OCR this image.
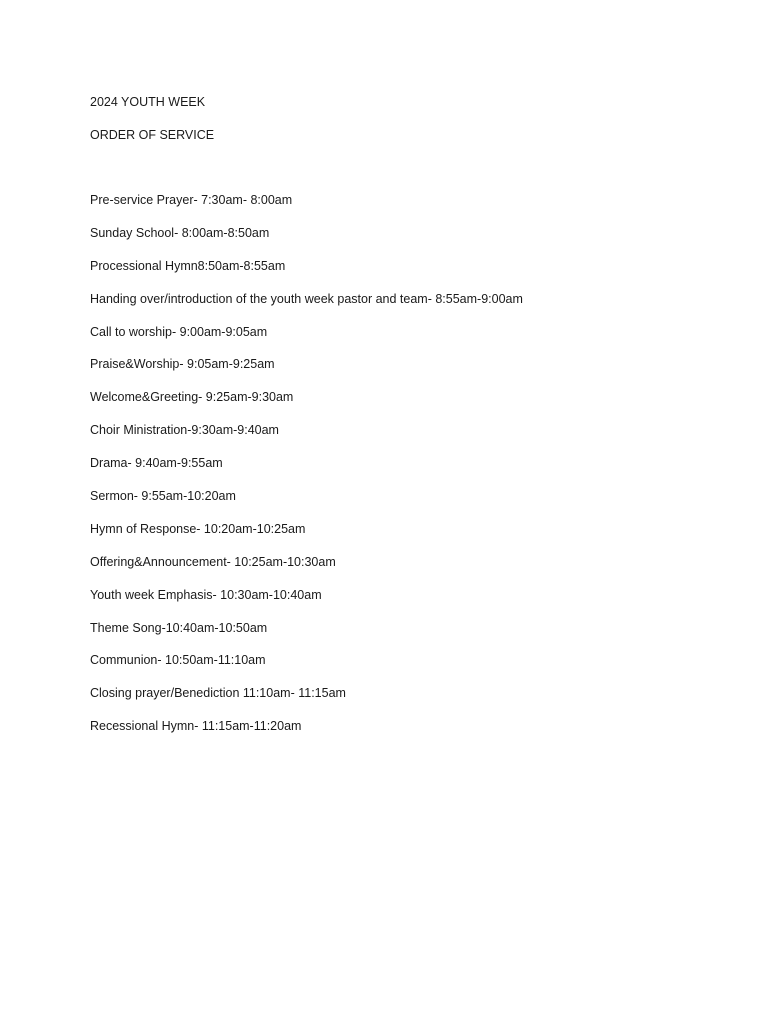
2024 YOUTH WEEK

ORDER OF SERVICE

Pre-service Prayer- 7:30am- 8:00am

Sunday School- 8:00am-8:50am

Processional Hymn8:50am-8:55am

Handing over/introduction of the youth week pastor and team- 8:55am-9:00am

Call to worship- 9:00am-9:05am

Praise&Worship- 9:05am-9:25am

Welcome&Greeting- 9:25am-9:30am

Choir Ministration-9:30am-9:40am

Drama- 9:40am-9:55am

Sermon- 9:55am-10:20am

Hymn of Response- 10:20am-10:25am

Offering&Announcement- 10:25am-10:30am

Youth week Emphasis- 10:30am-10:40am

Theme Song-10:40am-10:50am

Communion- 10:50am-11:10am

Closing prayer/Benediction 11:10am- 11:15am

Recessional Hymn- 11:15am-11:20am
